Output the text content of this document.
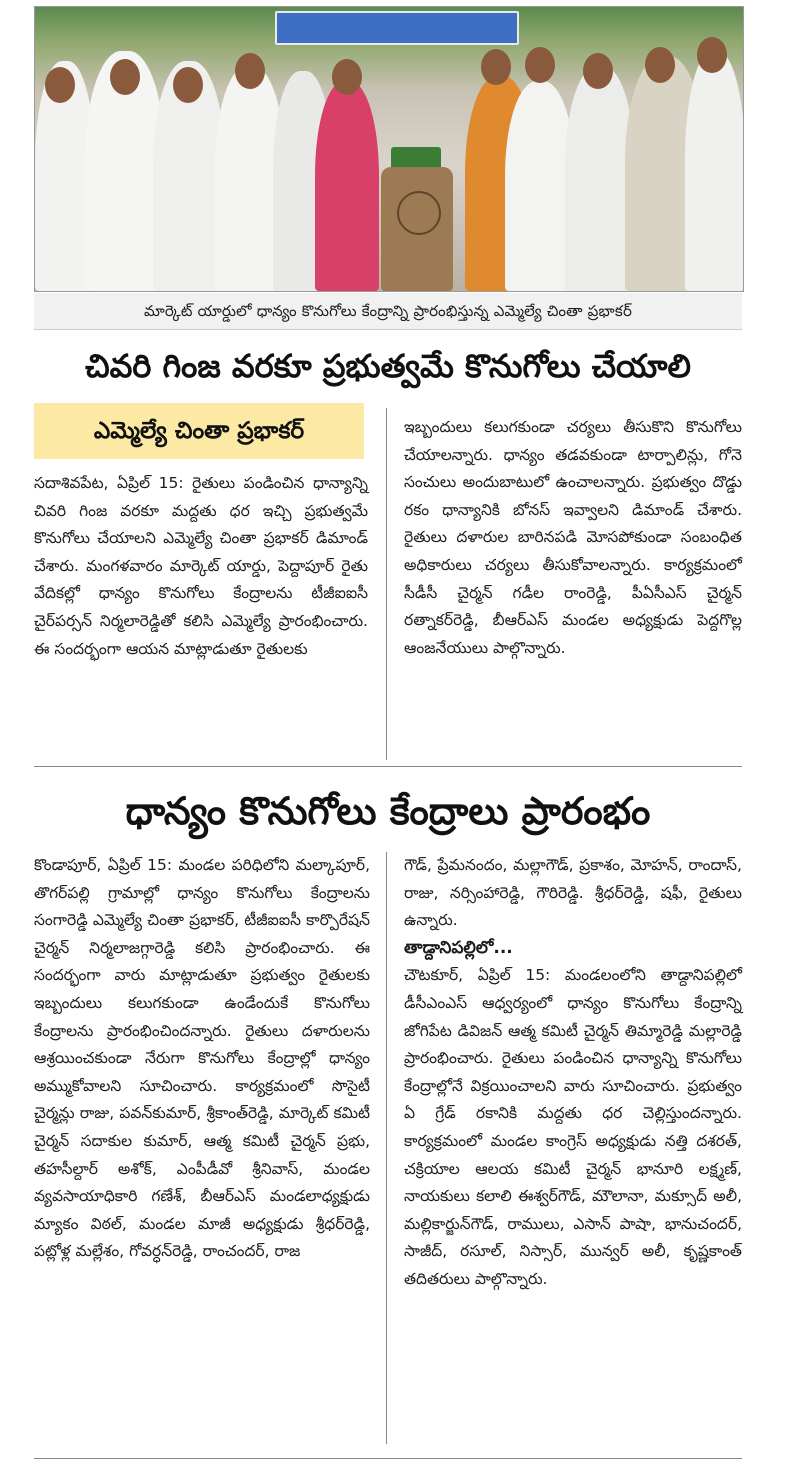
మార్కెట్‌ యార్డులో ధాన్యం కొనుగోలు కేంద్రాన్ని ప్రారంభిస్తున్న ఎమ్మెల్యే చింతా ప్రభాకర్‌
చివరి గింజ వరకూ ప్రభుత్వమే కొనుగోలు చేయాలి
ఎమ్మెల్యే చింతా ప్రభాకర్‌

సదాశివపేట, ఏప్రిల్‌ 15: రైతులు పండించిన ధాన్యాన్ని చివరి గింజ వరకూ మద్దతు ధర ఇచ్చి ప్రభుత్వమే కొనుగోలు చేయాలని ఎమ్మెల్యే చింతా ప్రభాకర్‌ డిమాండ్‌ చేశారు. మంగళవారం మార్కెట్‌ యార్డు, పెద్దాపూర్‌ రైతు వేదికల్లో ధాన్యం కొనుగోలు కేంద్రాలను టీజీఐఐసీ చైర్‌పర్సన్‌ నిర్మలారెడ్డితో కలిసి ఎమ్మెల్యే ప్రారంభించారు. ఈ సందర్భంగా ఆయన మాట్లాడుతూ రైతులకు

ఇబ్బందులు కలుగకుండా చర్యలు తీసుకొని కొనుగోలు చేయాలన్నారు. ధాన్యం తడవకుండా టార్పాలిన్లు, గోనె సంచులు అందుబాటులో ఉంచాలన్నారు. ప్రభుత్వం దొడ్డు రకం ధాన్యానికి బోనస్‌ ఇవ్వాలని డిమాండ్‌ చేశారు. రైతులు దళారుల బారినపడి మోసపోకుండా సంబంధిత అధికారులు చర్యలు తీసుకోవాలన్నారు. కార్యక్రమంలో సీడీసీ చైర్మన్‌ గడీల రాంరెడ్డి, పీఏసీఎస్‌ చైర్మన్‌ రత్నాకర్‌రెడ్డి, బీఆర్‌ఎస్‌ మండల అధ్యక్షుడు పెద్దగొల్ల ఆంజనేయులు పాల్గొన్నారు.

ధాన్యం కొనుగోలు కేంద్రాలు ప్రారంభం

కొండాపూర్‌, ఏప్రిల్‌ 15: మండల పరిధిలోని మల్కాపూర్‌, తొగర్‌పల్లి గ్రామాల్లో ధాన్యం కొనుగోలు కేంద్రాలను సంగారెడ్డి ఎమ్మెల్యే చింతా ప్రభాకర్‌, టీజీఐఐసీ కార్పొరేషన్‌ చైర్మన్‌ నిర్మలాజగ్గారెడ్డి కలిసి ప్రారంభించారు. ఈ సందర్భంగా వారు మాట్లాడుతూ ప్రభుత్వం రైతులకు ఇబ్బందులు కలుగకుండా ఉండేందుకే కొనుగోలు కేంద్రాలను ప్రారంభించిందన్నారు. రైతులు దళారులను ఆశ్రయించకుండా నేరుగా కొనుగోలు కేంద్రాల్లో ధాన్యం అమ్ముకోవాలని సూచించారు. కార్యక్రమంలో సొసైటీ చైర్మన్లు రాజు, పవన్‌కుమార్‌, శ్రీకాంత్‌రెడ్డి, మార్కెట్‌ కమిటీ చైర్మన్‌ సదాకుల కుమార్‌, ఆత్మ కమిటీ చైర్మన్‌ ప్రభు, తహసీల్దార్‌ అశోక్‌, ఎంపీడీవో శ్రీనివాస్‌, మండల వ్యవసాయాధికారి గణేశ్‌, బీఆర్‌ఎస్‌ మండలాధ్యక్షుడు మ్యాకం విఠల్‌, మండల మాజీ అధ్యక్షుడు శ్రీధర్‌రెడ్డి, పట్లోళ్ల మల్లేశం, గోవర్ధన్‌రెడ్డి, రాంచందర్‌, రాజ

గౌడ్‌, ప్రేమనందం, మల్లాగౌడ్‌, ప్రకాశం, మోహన్‌, రాందాస్‌, రాజు, నర్సింహారెడ్డి, గౌరిరెడ్డి. శ్రీధర్‌రెడ్డి, షఫీ, రైతులు ఉన్నారు.

తాడ్దానిపల్లిలో...

చౌటకూర్‌, ఏప్రిల్‌ 15: మండలంలోని తాడ్దానిపల్లిలో డీసీఎంఎస్‌ ఆధ్వర్యంలో ధాన్యం కొనుగోలు కేంద్రాన్ని జోగిపేట డివిజన్‌ ఆత్మ కమిటీ చైర్మన్‌ తిమ్మారెడ్డి మల్లారెడ్డి ప్రారంభించారు. రైతులు పండించిన ధాన్యాన్ని కొనుగోలు కేంద్రాల్లోనే విక్రయించాలని వారు సూచించారు. ప్రభుత్వం ఏ గ్రేడ్‌ రకానికి మద్దతు ధర చెల్లిస్తుందన్నారు. కార్యక్రమంలో మండల కాంగ్రెస్‌ అధ్యక్షుడు నత్తి దశరత్‌, చక్రియాల ఆలయ కమిటీ చైర్మన్‌ భానూరి లక్ష్మణ్‌, నాయకులు కలాలి ఈశ్వర్‌గౌడ్‌, మౌలానా, మక్సూద్‌ అలీ, మల్లికార్జున్‌గౌడ్‌, రాములు, ఎసాన్‌ పాషా, భానుచందర్‌, సాజీద్‌, రసూల్‌, నిస్సార్‌, మున్వర్‌ అలీ, కృష్ణకాంత్‌ తదితరులు పాల్గొన్నారు.
